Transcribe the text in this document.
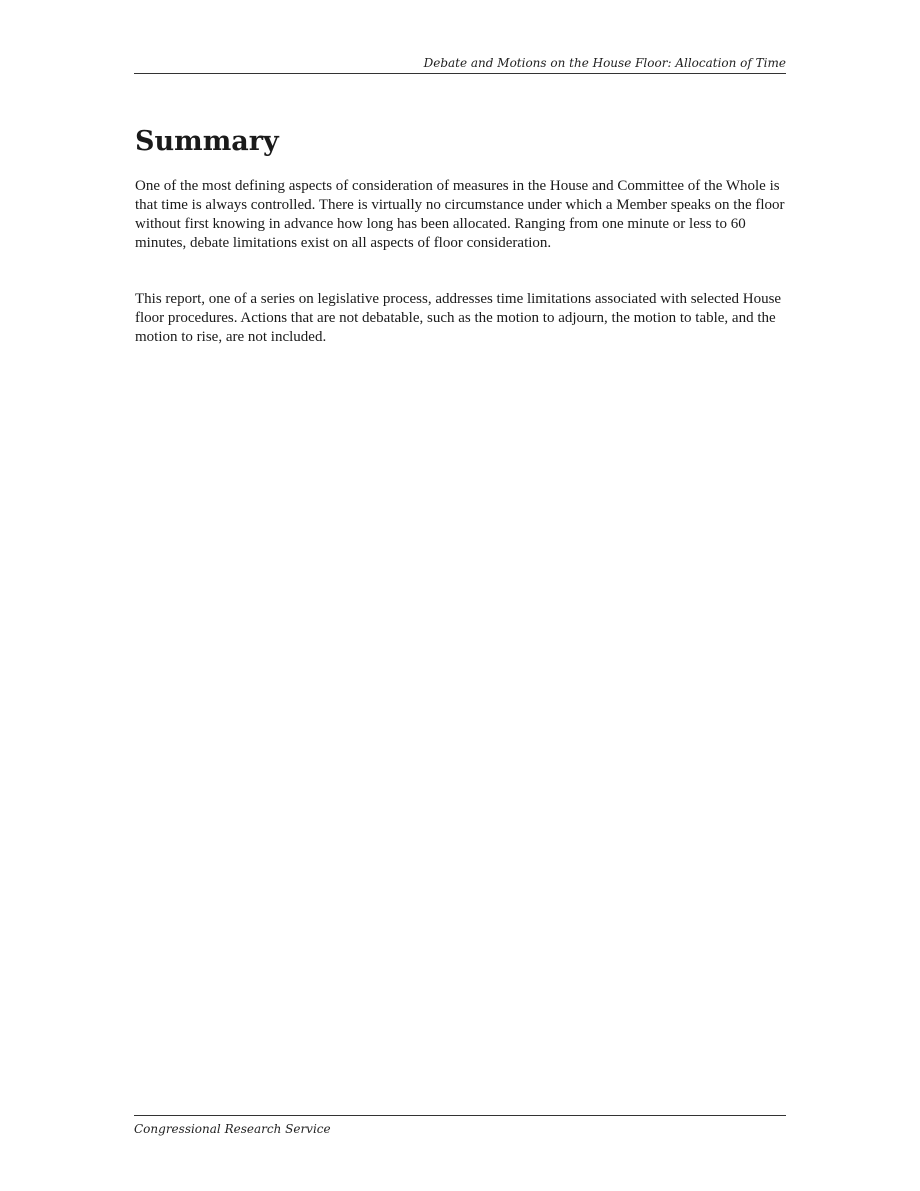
Debate and Motions on the House Floor: Allocation of Time
Summary

One of the most defining aspects of consideration of measures in the House and Committee of the Whole is that time is always controlled. There is virtually no circumstance under which a Member speaks on the floor without first knowing in advance how long has been allocated. Ranging from one minute or less to 60 minutes, debate limitations exist on all aspects of floor consideration.

This report, one of a series on legislative process, addresses time limitations associated with selected House floor procedures. Actions that are not debatable, such as the motion to adjourn, the motion to table, and the motion to rise, are not included.

Congressional Research Service
